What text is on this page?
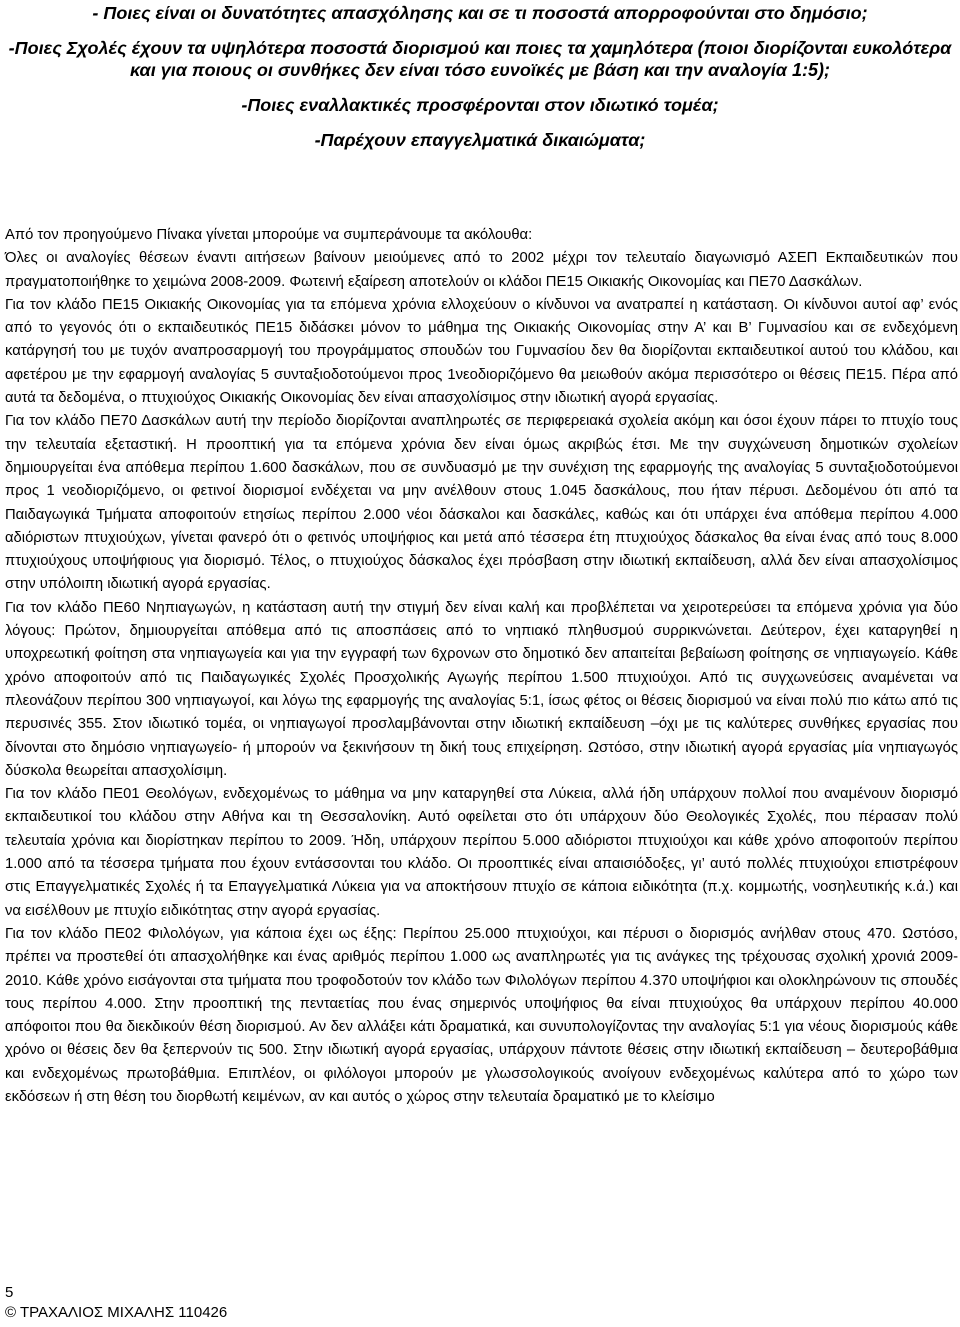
- Ποιες είναι οι δυνατότητες απασχόλησης και σε τι ποσοστά απορροφούνται στο δημόσιο;

-Ποιες Σχολές έχουν τα υψηλότερα ποσοστά διορισμού και ποιες τα χαμηλότερα (ποιοι διορίζονται ευκολότερα και για ποιους οι συνθήκες δεν είναι τόσο ευνοϊκές με βάση και την αναλογία 1:5);

-Ποιες εναλλακτικές προσφέρονται στον ιδιωτικό τομέα;

-Παρέχουν επαγγελματικά δικαιώματα;

Από τον προηγούμενο Πίνακα γίνεται μπορούμε να συμπεράνουμε τα ακόλουθα:

Όλες οι αναλογίες θέσεων έναντι αιτήσεων βαίνουν μειούμενες από το 2002 μέχρι τον τελευταίο διαγωνισμό ΑΣΕΠ Εκπαιδευτικών που πραγματοποιήθηκε το χειμώνα 2008-2009. Φωτεινή εξαίρεση αποτελούν οι κλάδοι ΠΕ15 Οικιακής Οικονομίας και ΠΕ70 Δασκάλων.

Για τον κλάδο ΠΕ15 Οικιακής Οικονομίας για τα επόμενα χρόνια ελλοχεύουν ο κίνδυνοι να ανατραπεί η κατάσταση. Οι κίνδυνοι αυτοί αφ’ ενός από το γεγονός ότι ο εκπαιδευτικός ΠΕ15 διδάσκει μόνον το μάθημα της Οικιακής Οικονομίας στην Α’ και Β’ Γυμνασίου και σε ενδεχόμενη κατάργησή του με τυχόν αναπροσαρμογή του προγράμματος σπουδών του Γυμνασίου δεν θα διορίζονται εκπαιδευτικοί αυτού του κλάδου, και αφετέρου με την εφαρμογή αναλογίας 5 συνταξιοδοτούμενοι προς 1νεοδιοριζόμενο θα μειωθούν ακόμα περισσότερο οι θέσεις ΠΕ15. Πέρα από αυτά τα δεδομένα, ο πτυχιούχος Οικιακής Οικονομίας δεν είναι απασχολίσιμος στην ιδιωτική αγορά εργασίας.

Για τον κλάδο ΠΕ70 Δασκάλων αυτή την περίοδο διορίζονται αναπληρωτές σε περιφερειακά σχολεία ακόμη και όσοι έχουν πάρει το πτυχίο τους την τελευταία εξεταστική. Η προοπτική για τα επόμενα χρόνια δεν είναι όμως ακριβώς έτσι. Με την συγχώνευση δημοτικών σχολείων δημιουργείται ένα απόθεμα περίπου 1.600 δασκάλων, που σε συνδυασμό με την συνέχιση της εφαρμογής της αναλογίας 5 συνταξιοδοτούμενοι προς 1 νεοδιοριζόμενο, οι φετινοί διορισμοί ενδέχεται να μην ανέλθουν στους 1.045 δασκάλους, που ήταν πέρυσι. Δεδομένου ότι από τα Παιδαγωγικά Τμήματα αποφοιτούν ετησίως περίπου 2.000 νέοι δάσκαλοι και δασκάλες, καθώς και ότι υπάρχει ένα απόθεμα περίπου 4.000 αδιόριστων πτυχιούχων, γίνεται φανερό ότι ο φετινός υποψήφιος και μετά από τέσσερα έτη πτυχιούχος δάσκαλος θα είναι ένας από τους 8.000 πτυχιούχους υποψήφιους για διορισμό. Τέλος, ο πτυχιούχος δάσκαλος έχει πρόσβαση στην ιδιωτική εκπαίδευση, αλλά δεν είναι απασχολίσιμος στην υπόλοιπη ιδιωτική αγορά εργασίας.

Για τον κλάδο ΠΕ60 Νηπιαγωγών, η κατάσταση αυτή την στιγμή δεν είναι καλή και προβλέπεται να χειροτερεύσει τα επόμενα χρόνια για δύο λόγους: Πρώτον, δημιουργείται απόθεμα από τις αποσπάσεις από το νηπιακό πληθυσμού συρρικνώνεται. Δεύτερον, έχει καταργηθεί η υποχρεωτική φοίτηση στα νηπιαγωγεία και για την εγγραφή των 6χρονων στο δημοτικό δεν απαιτείται βεβαίωση φοίτησης σε νηπιαγωγείο. Κάθε χρόνο αποφοιτούν από τις Παιδαγωγικές Σχολές Προσχολικής Αγωγής περίπου 1.500 πτυχιούχοι. Από τις συγχωνεύσεις αναμένεται να πλεονάζουν περίπου 300 νηπιαγωγοί, και λόγω της εφαρμογής της αναλογίας 5:1, ίσως φέτος οι θέσεις διορισμού να είναι πολύ πιο κάτω από τις περυσινές 355. Στον ιδιωτικό τομέα, οι νηπιαγωγοί προσλαμβάνονται στην ιδιωτική εκπαίδευση –όχι με τις καλύτερες συνθήκες εργασίας που δίνονται στο δημόσιο νηπιαγωγείο- ή μπορούν να ξεκινήσουν τη δική τους επιχείρηση. Ωστόσο, στην ιδιωτική αγορά εργασίας μία νηπιαγωγός δύσκολα θεωρείται απασχολίσιμη.

Για τον κλάδο ΠΕ01 Θεολόγων, ενδεχομένως το μάθημα να μην καταργηθεί στα Λύκεια, αλλά ήδη υπάρχουν πολλοί που αναμένουν διορισμό εκπαιδευτικοί του κλάδου στην Αθήνα και τη Θεσσαλονίκη. Αυτό οφείλεται στο ότι υπάρχουν δύο Θεολογικές Σχολές, που πέρασαν πολύ τελευταία χρόνια και διορίστηκαν περίπου το 2009. Ήδη, υπάρχουν περίπου 5.000 αδιόριστοι πτυχιούχοι και κάθε χρόνο αποφοιτούν περίπου 1.000 από τα τέσσερα τμήματα που έχουν εντάσσονται του κλάδο. Οι προοπτικές είναι απαισιόδοξες, γι’ αυτό πολλές πτυχιούχοι επιστρέφουν στις Επαγγελματικές Σχολές ή τα Επαγγελματικά Λύκεια για να αποκτήσουν πτυχίο σε κάποια ειδικότητα (π.χ. κομμωτής, νοσηλευτικής κ.ά.) και να εισέλθουν με πτυχίο ειδικότητας στην αγορά εργασίας.

Για τον κλάδο ΠΕ02 Φιλολόγων, για κάποια έχει ως έξης: Περίπου 25.000 πτυχιούχοι, και πέρυσι ο διορισμός ανήλθαν στους 470. Ωστόσο, πρέπει να προστεθεί ότι απασχολήθηκε και ένας αριθμός περίπου 1.000 ως αναπληρωτές για τις ανάγκες της τρέχουσας σχολική χρονιά 2009-2010. Κάθε χρόνο εισάγονται στα τμήματα που τροφοδοτούν τον κλάδο των Φιλολόγων περίπου 4.370 υποψήφιοι και ολοκληρώνουν τις σπουδές τους περίπου 4.000. Στην προοπτική της πενταετίας που ένας σημερινός υποψήφιος θα είναι πτυχιούχος θα υπάρχουν περίπου 40.000 απόφοιτοι που θα διεκδικούν θέση διορισμού. Αν δεν αλλάξει κάτι δραματικά, και συνυπολογίζοντας την αναλογίας 5:1 για νέους διορισμούς κάθε χρόνο οι θέσεις δεν θα ξεπερνούν τις 500. Στην ιδιωτική αγορά εργασίας, υπάρχουν πάντοτε θέσεις στην ιδιωτική εκπαίδευση – δευτεροβάθμια και ενδεχομένως πρωτοβάθμια. Επιπλέον, οι φιλόλογοι μπορούν με γλωσσολογικούς ανοίγουν ενδεχομένως καλύτερα από το χώρο των εκδόσεων ή στη θέση του διορθωτή κειμένων, αν και αυτός ο χώρος στην τελευταία δραματικό με το κλείσιμο

5
© ΤΡΑΧΑΛΙΟΣ ΜΙΧΑΛΗΣ 110426
